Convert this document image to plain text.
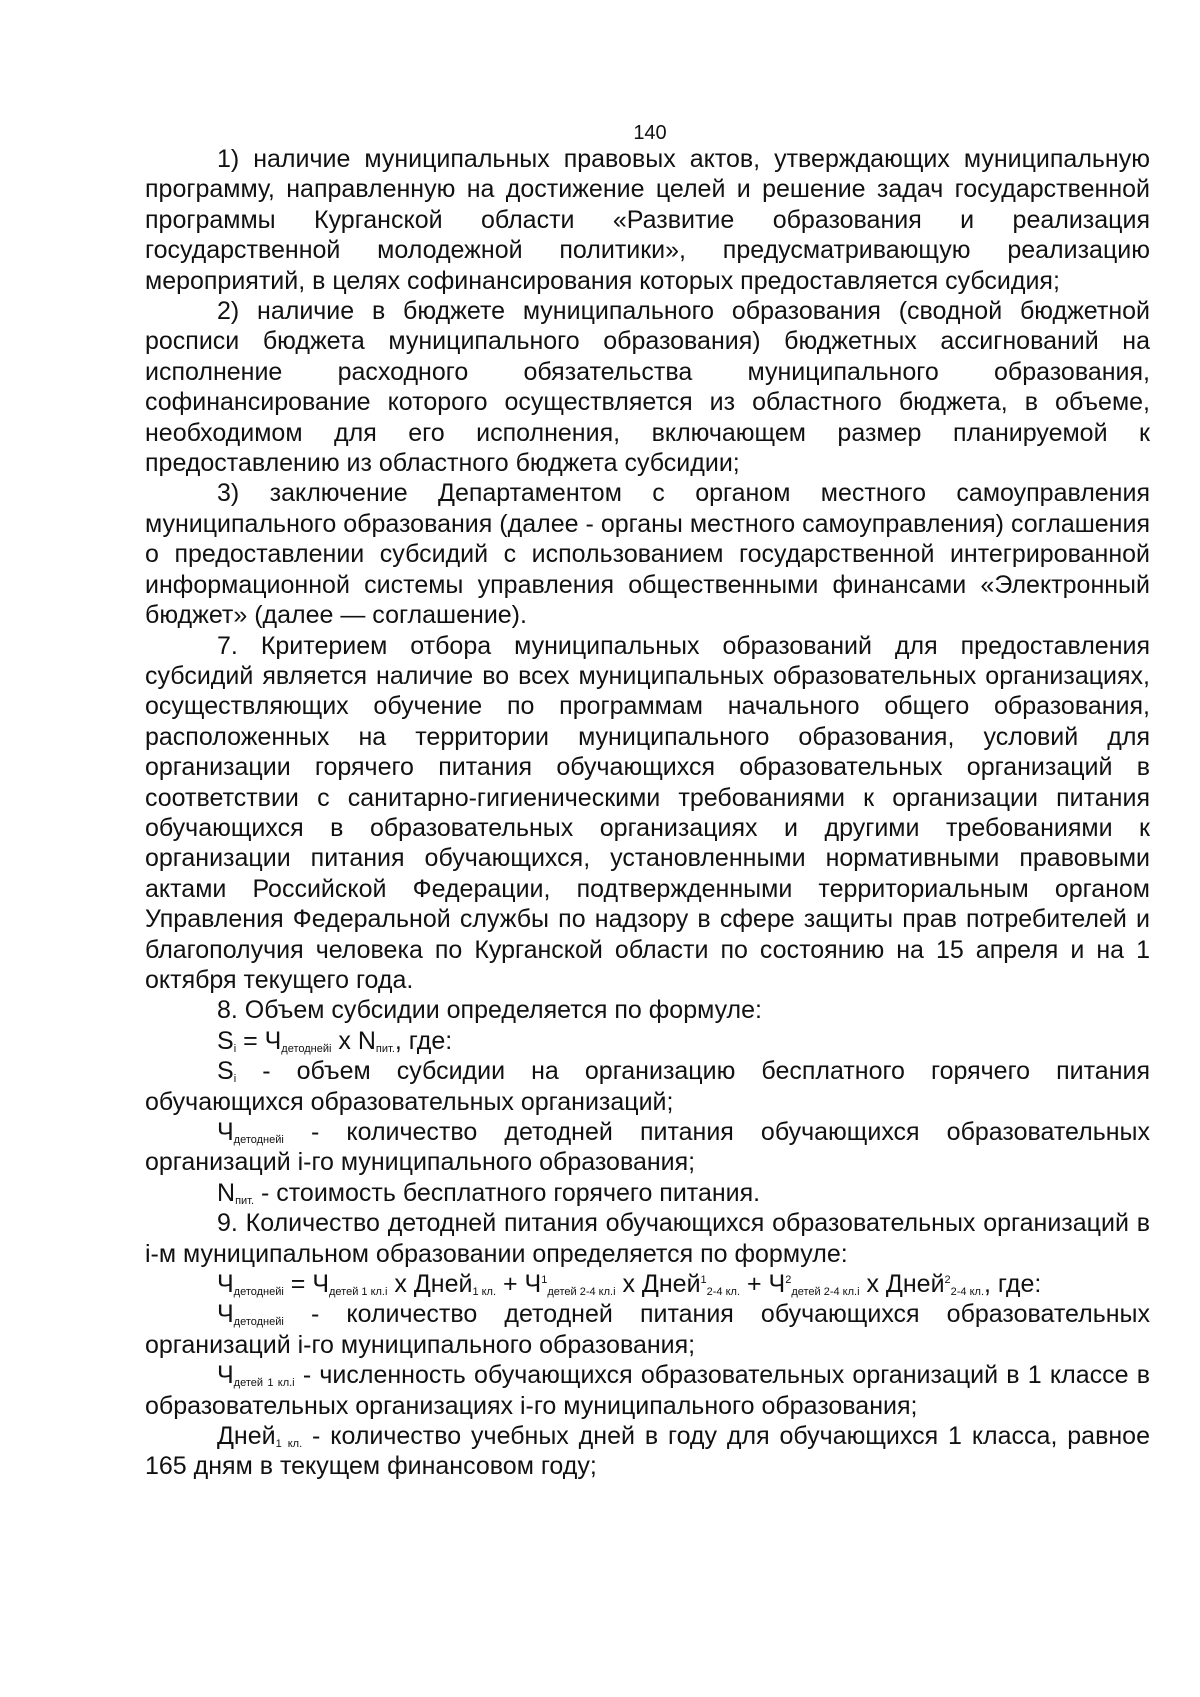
140

1) наличие муниципальных правовых актов, утверждающих муниципальную программу, направленную на достижение целей и решение задач государственной программы Курганской области «Развитие образования и реализация государственной молодежной политики», предусматривающую реализацию мероприятий, в целях софинансирования которых предоставляется субсидия;

2) наличие в бюджете муниципального образования (сводной бюджетной росписи бюджета муниципального образования) бюджетных ассигнований на исполнение расходного обязательства муниципального образования, софинансирование которого осуществляется из областного бюджета, в объеме, необходимом для его исполнения, включающем размер планируемой к предоставлению из областного бюджета субсидии;

3) заключение Департаментом с органом местного самоуправления муниципального образования (далее - органы местного самоуправления) соглашения о предоставлении субсидий с использованием государственной интегрированной информационной системы управления общественными финансами «Электронный бюджет» (далее — соглашение).

7. Критерием отбора муниципальных образований для предоставления субсидий является наличие во всех муниципальных образовательных организациях, осуществляющих обучение по программам начального общего образования, расположенных на территории муниципального образования, условий для организации горячего питания обучающихся образовательных организаций в соответствии с санитарно-гигиеническими требованиями к организации питания обучающихся в образовательных организациях и другими требованиями к организации питания обучающихся, установленными нормативными правовыми актами Российской Федерации, подтвержденными территориальным органом Управления Федеральной службы по надзору в сфере защиты прав потребителей и благополучия человека по Курганской области по состоянию на 15 апреля и на 1 октября текущего года.

8. Объем субсидии определяется по формуле:

$S_i = Ч_{детоднейi}$ x $N_{пит.}$, где:

$S_i$ - объем субсидии на организацию бесплатного горячего питания обучающихся образовательных организаций;

$Ч_{детоднейi}$ - количество детодней питания обучающихся образовательных организаций i-го муниципального образования;

$N_{пит.}$ - стоимость бесплатного горячего питания.

9. Количество детодней питания обучающихся образовательных организаций в i-м муниципальном образовании определяется по формуле:

$Ч_{детоднейi} = Ч_{детей 1 кл.i}$ x Дней$_{1 кл.}$ + $Ч^1_{детей 2-4 кл.i}$ x Дней$^1_{2-4 кл.}$ + $Ч^2_{детей 2-4 кл.i}$ x Дней$^2_{2-4 кл.}$, где:

$Ч_{детоднейi}$ - количество детодней питания обучающихся образовательных организаций i-го муниципального образования;

$Ч_{детей 1 кл.i}$ - численность обучающихся образовательных организаций в 1 классе в образовательных организациях i-го муниципального образования;

Дней$_{1 кл.}$ - количество учебных дней в году для обучающихся 1 класса, равное 165 дням в текущем финансовом году;
